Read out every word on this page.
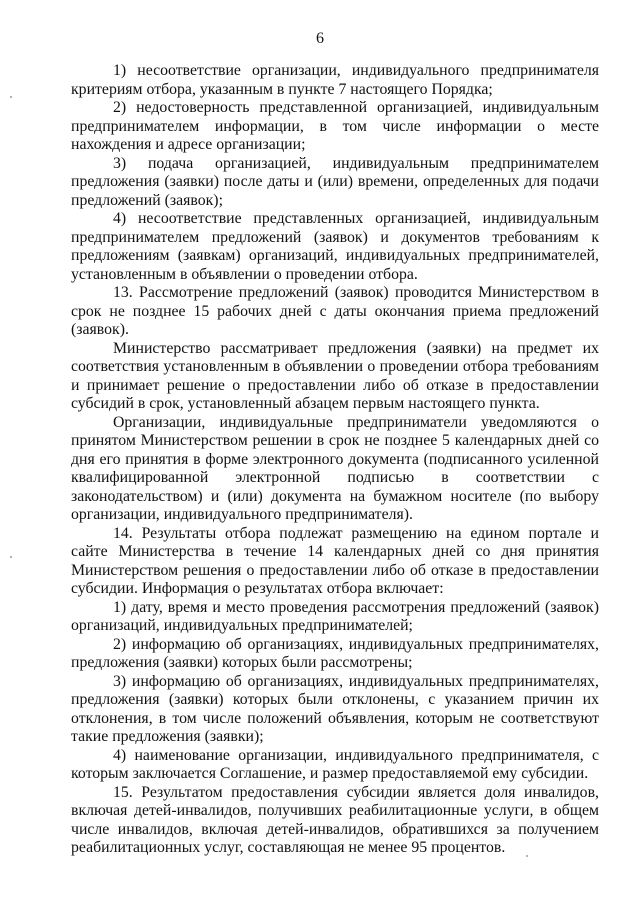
6

1) несоответствие организации, индивидуального предпринимателя критериям отбора, указанным в пункте 7 настоящего Порядка;

2) недостоверность представленной организацией, индивидуальным предпринимателем информации, в том числе информации о месте нахождения и адресе организации;

3) подача организацией, индивидуальным предпринимателем предложения (заявки) после даты и (или) времени, определенных для подачи предложений (заявок);

4) несоответствие представленных организацией, индивидуальным предпринимателем предложений (заявок) и документов требованиям к предложениям (заявкам) организаций, индивидуальных предпринимателей, установленным в объявлении о проведении отбора.

13. Рассмотрение предложений (заявок) проводится Министерством в срок не позднее 15 рабочих дней с даты окончания приема предложений (заявок).

Министерство рассматривает предложения (заявки) на предмет их соответствия установленным в объявлении о проведении отбора требованиям и принимает решение о предоставлении либо об отказе в предоставлении субсидий в срок, установленный абзацем первым настоящего пункта.

Организации, индивидуальные предприниматели уведомляются о принятом Министерством решении в срок не позднее 5 календарных дней со дня его принятия в форме электронного документа (подписанного усиленной квалифицированной электронной подписью в соответствии с законодательством) и (или) документа на бумажном носителе (по выбору организации, индивидуального предпринимателя).

14. Результаты отбора подлежат размещению на едином портале и сайте Министерства в течение 14 календарных дней со дня принятия Министерством решения о предоставлении либо об отказе в предоставлении субсидии. Информация о результатах отбора включает:

1) дату, время и место проведения рассмотрения предложений (заявок) организаций, индивидуальных предпринимателей;

2) информацию об организациях, индивидуальных предпринимателях, предложения (заявки) которых были рассмотрены;

3) информацию об организациях, индивидуальных предпринимателях, предложения (заявки) которых были отклонены, с указанием причин их отклонения, в том числе положений объявления, которым не соответствуют такие предложения (заявки);

4) наименование организации, индивидуального предпринимателя, с которым заключается Соглашение, и размер предоставляемой ему субсидии.

15. Результатом предоставления субсидии является доля инвалидов, включая детей-инвалидов, получивших реабилитационные услуги, в общем числе инвалидов, включая детей-инвалидов, обратившихся за получением реабилитационных услуг, составляющая не менее 95 процентов.
